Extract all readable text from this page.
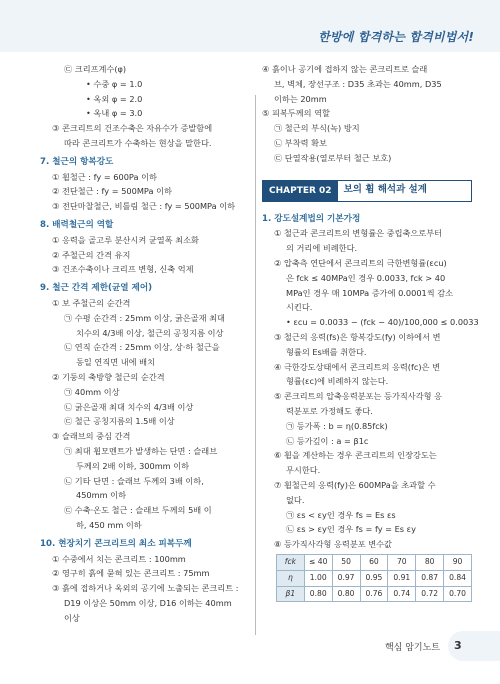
한방에 합격하는 합격비법서!
㉢ 크리프계수(φ)
• 수중 φ = 1.0
• 옥외 φ = 2.0
• 옥내 φ = 3.0
③ 콘크리트의 건조수축은 자유수가 증발함에
따라 콘크리트가 수축하는 현상을 말한다.
7. 철근의 항복강도
① 휨철근 : fy = 600Pa 이하
② 전단철근 : fy = 500MPa 이하
③ 전단마찰철근, 비틀림 철근 : fy = 500MPa 이하
8. 배력철근의 역할
① 응력을 골고루 분산시켜 균열폭 최소화
② 주철근의 간격 유지
③ 건조수축이나 크리프 변형, 신축 억제
9. 철근 간격 제한(균열 제어)
① 보 주철근의 순간격
㉠ 수평 순간격 : 25mm 이상, 굵은골재 최대
치수의 4/3배 이상, 철근의 공칭지름 이상
㉡ 연직 순간격 : 25mm 이상, 상·하 철근을
동일 연직면 내에 배치
② 기둥의 축방향 철근의 순간격
㉠ 40mm 이상
㉡ 굵은골재 최대 치수의 4/3배 이상
㉢ 철근 공칭지름의 1.5배 이상
③ 슬래브의 중심 간격
㉠ 최대 휨모멘트가 발생하는 단면 : 슬래브
두께의 2배 이하, 300mm 이하
㉡ 기타 단면 : 슬래브 두께의 3배 이하,
450mm 이하
㉢ 수축·온도 철근 : 슬래브 두께의 5배 이
하, 450 mm 이하
10. 현장치기 콘크리트의 최소 피복두께
① 수중에서 치는 콘크리트 : 100mm
② 영구히 흙에 묻혀 있는 콘크리트 : 75mm
③ 흙에 접하거나 옥외의 공기에 노출되는 콘크리트 :
D19 이상은 50mm 이상, D16 이하는 40mm
이상
④ 흙이나 공기에 접하지 않는 콘크리트로 슬래
브, 벽체, 장선구조 : D35 초과는 40mm, D35
이하는 20mm
⑤ 피복두께의 역할
㉠ 철근의 부식(녹) 방지
㉡ 부착력 확보
㉢ 단열작용(열로부터 철근 보호)
CHAPTER 02	보의 휨 해석과 설계
1. 강도설계법의 기본가정
① 철근과 콘크리트의 변형률은 중립축으로부터
의 거리에 비례한다.
② 압축측 연단에서 콘크리트의 극한변형률(εcu)
은 fck ≤ 40MPa인 경우 0.0033, fck > 40
MPa인 경우 매 10MPa 증가에 0.0001씩 감소
시킨다.
• εcu = 0.0033 − (fck − 40)/100,000 ≤ 0.0033
③ 철근의 응력(fs)은 항복강도(fy) 이하에서 변
형률의 Es배를 취한다.
④ 극한강도상태에서 콘크리트의 응력(fc)은 변
형률(εc)에 비례하지 않는다.
⑤ 콘크리트의 압축응력분포는 등가직사각형 응
력분포로 가정해도 좋다.
㉠ 등가폭 : b = η(0.85fck)
㉡ 등가깊이 : a = β1c
⑥ 휨을 계산하는 경우 콘크리트의 인장강도는
무시한다.
⑦ 휨철근의 응력(fy)은 600MPa을 초과할 수
없다.
㉠ εs < εy인 경우 fs = Es εs
㉡ εs > εy인 경우 fs = fy = Es εy
⑧ 등가직사각형 응력분포 변수값
fck	≤ 40	50	60	70	80	90
η	1.00	0.97	0.95	0.91	0.87	0.84
β1	0.80	0.80	0.76	0.74	0.72	0.70
핵심 암기노트 3
